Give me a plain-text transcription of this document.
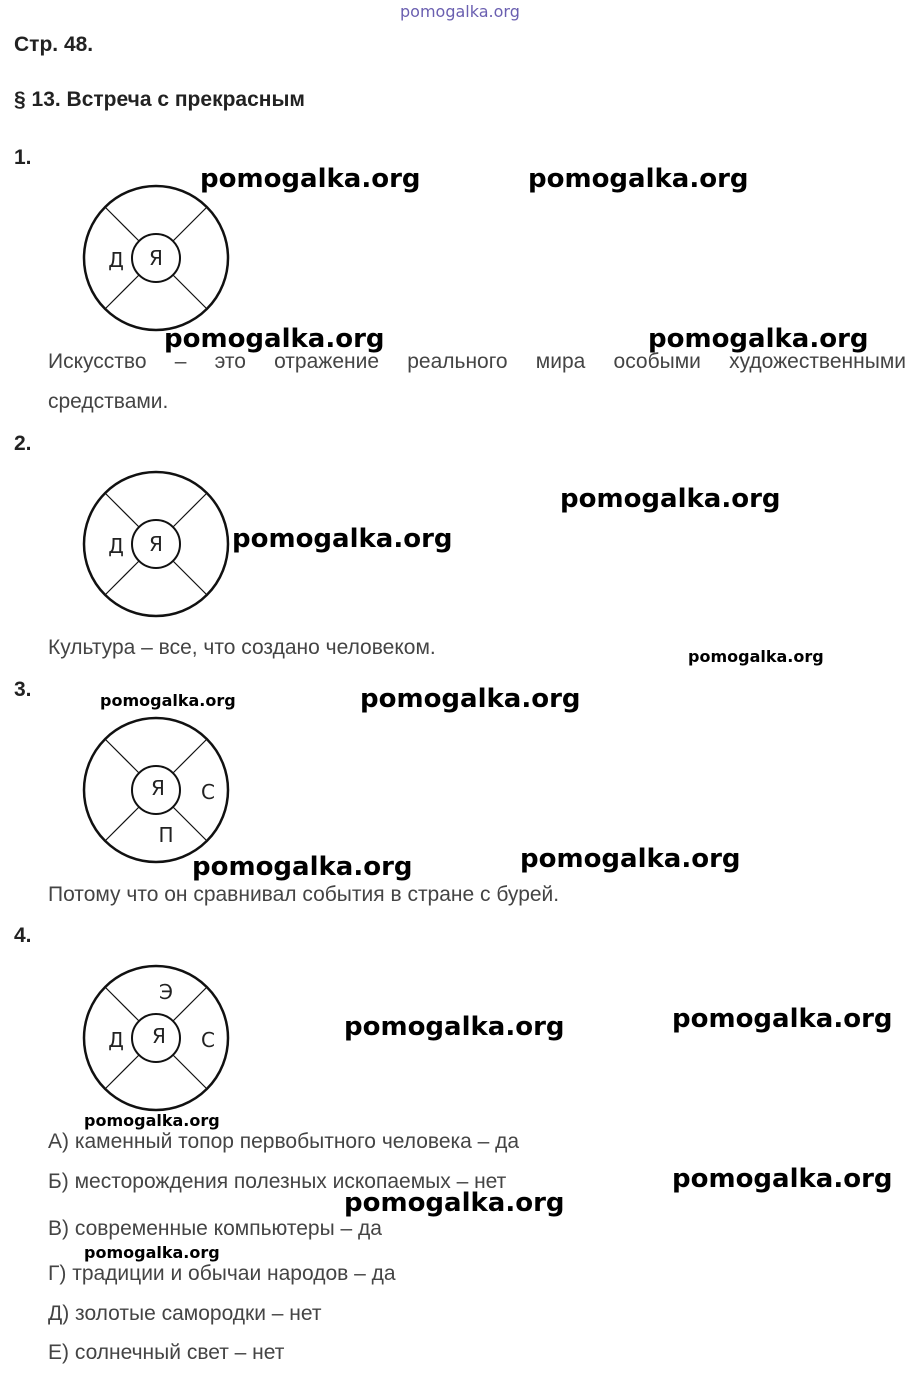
pomogalka.org
Стр. 48.
§ 13. Встреча с прекрасным
1.
Я
Д
Искусство – это отражение реального мира особыми художественными
средствами.
2.
Я
Д
Культура – все, что создано человеком.
3.
Я С
П
Потому что он сравнивал события в стране с бурей.
4.
Я
Д	С
Э
А) каменный топор первобытного человека – да
Б) месторождения полезных ископаемых – нет
В) современные компьютеры – да
Г) традиции и обычаи народов – да
Д) золотые самородки – нет
Е) солнечный свет – нет
pomogalka.org	pomogalka.org
pomogalka.org	pomogalka.org
pomogalka.org
pomogalka.org
pomogalka.org
pomogalka.org	pomogalka.org
pomogalka.org
pomogalka.org
pomogalka.org
pomogalka.org
pomogalka.org
pomogalka.org
pomogalka.org
pomogalka.org
